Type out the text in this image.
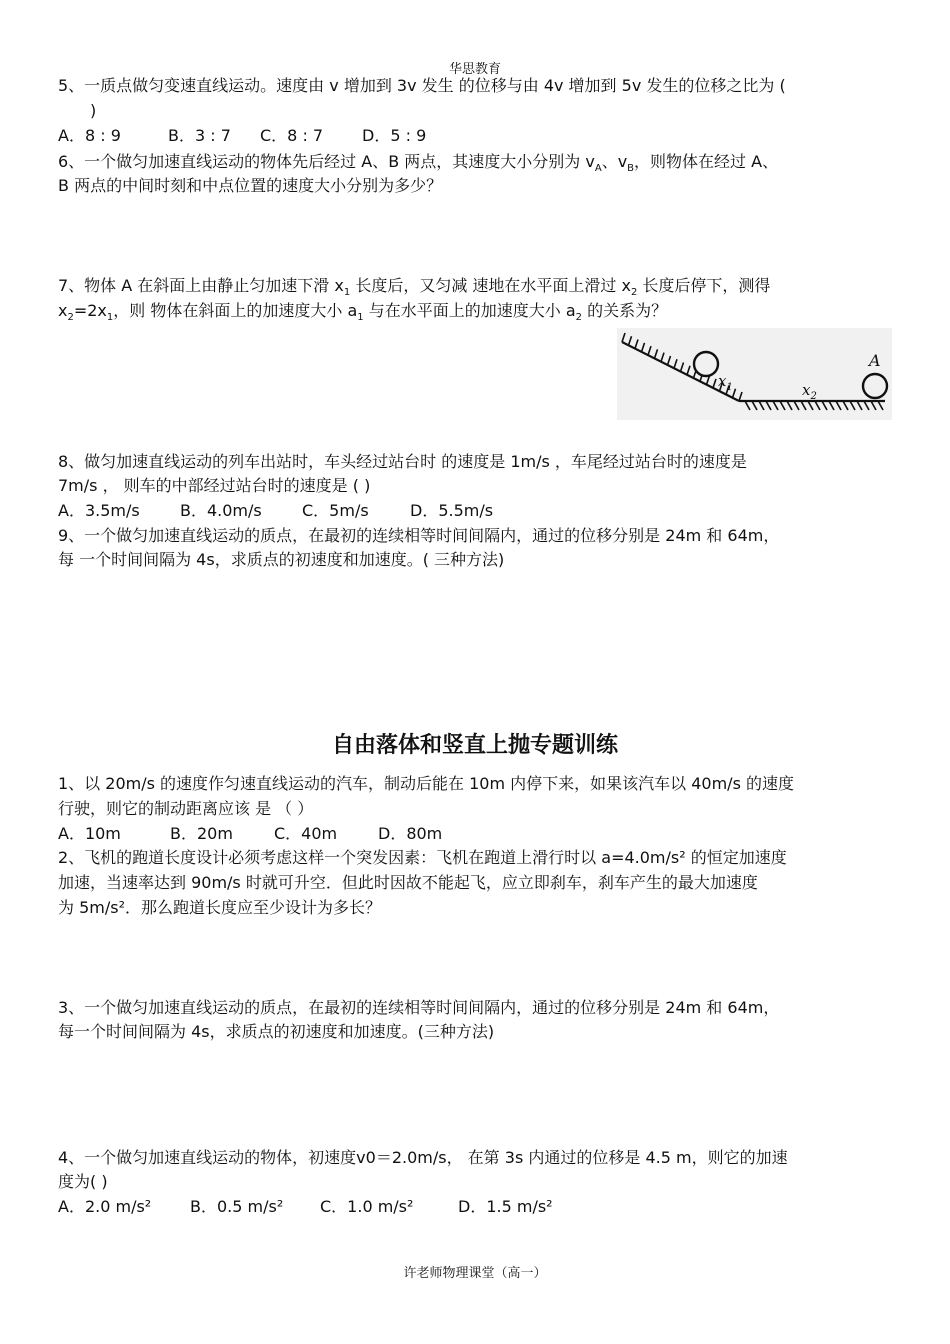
华思教育
5、一质点做匀变速直线运动。速度由 v 增加到 3v 发生 的位移与由 4v 增加到 5v 发生的位移之比为 (
)
A．8 : 9	B．3 : 7 C．8 : 7 D．5 : 9
6、一个做匀加速直线运动的物体先后经过 A、B 两点，其速度大小分别为 $v_A$、$v_B$，则物体在经过 A、
B 两点的中间时刻和中点位置的速度大小分别为多少？
7、物体 A 在斜面上由静止匀加速下滑 $x_1$ 长度后，又匀减 速地在水平面上滑过 $x_2$ 长度后停下，测得
$x_2=2x_1$，则 物体在斜面上的加速度大小 $a_1$ 与在水平面上的加速度大小 $a_2$ 的关系为？
$x_1$	$x_2$
A
8、做匀加速直线运动的列车出站时，车头经过站台时 的速度是 1m/s ，车尾经过站台时的速度是
7m/s ， 则车的中部经过站台时的速度是 ( )
A．3.5m/s	B．4.0m/s	C．5m/s	D．5.5m/s
9、一个做匀加速直线运动的质点，在最初的连续相等时间间隔内，通过的位移分别是 24m 和 64m，
每 一个时间间隔为 4s，求质点的初速度和加速度。( 三种方法)
自由落体和竖直上抛专题训练
1、以 20m/s 的速度作匀速直线运动的汽车，制动后能在 10m 内停下来，如果该汽车以 40m/s 的速度
行驶，则它的制动距离应该 是 （ ）
A．10m	B．20m	C．40m	D．80m
2、飞机的跑道长度设计必须考虑这样一个突发因素：飞机在跑道上滑行时以 a=4.0m/s² 的恒定加速度
加速，当速率达到 90m/s 时就可升空．但此时因故不能起飞，应立即刹车，刹车产生的最大加速度
为 5m/s²．那么跑道长度应至少设计为多长？
3、一个做匀加速直线运动的质点，在最初的连续相等时间间隔内，通过的位移分别是 24m 和 64m，
每一个时间间隔为 4s，求质点的初速度和加速度。(三种方法)
4、一个做匀加速直线运动的物体，初速度v0＝2.0m/s， 在第 3s 内通过的位移是 4.5 m，则它的加速
度为( )
A．2.0 m/s² B．0.5 m/s² C．1.0 m/s²	D．1.5 m/s²
许老师物理课堂（高一）
